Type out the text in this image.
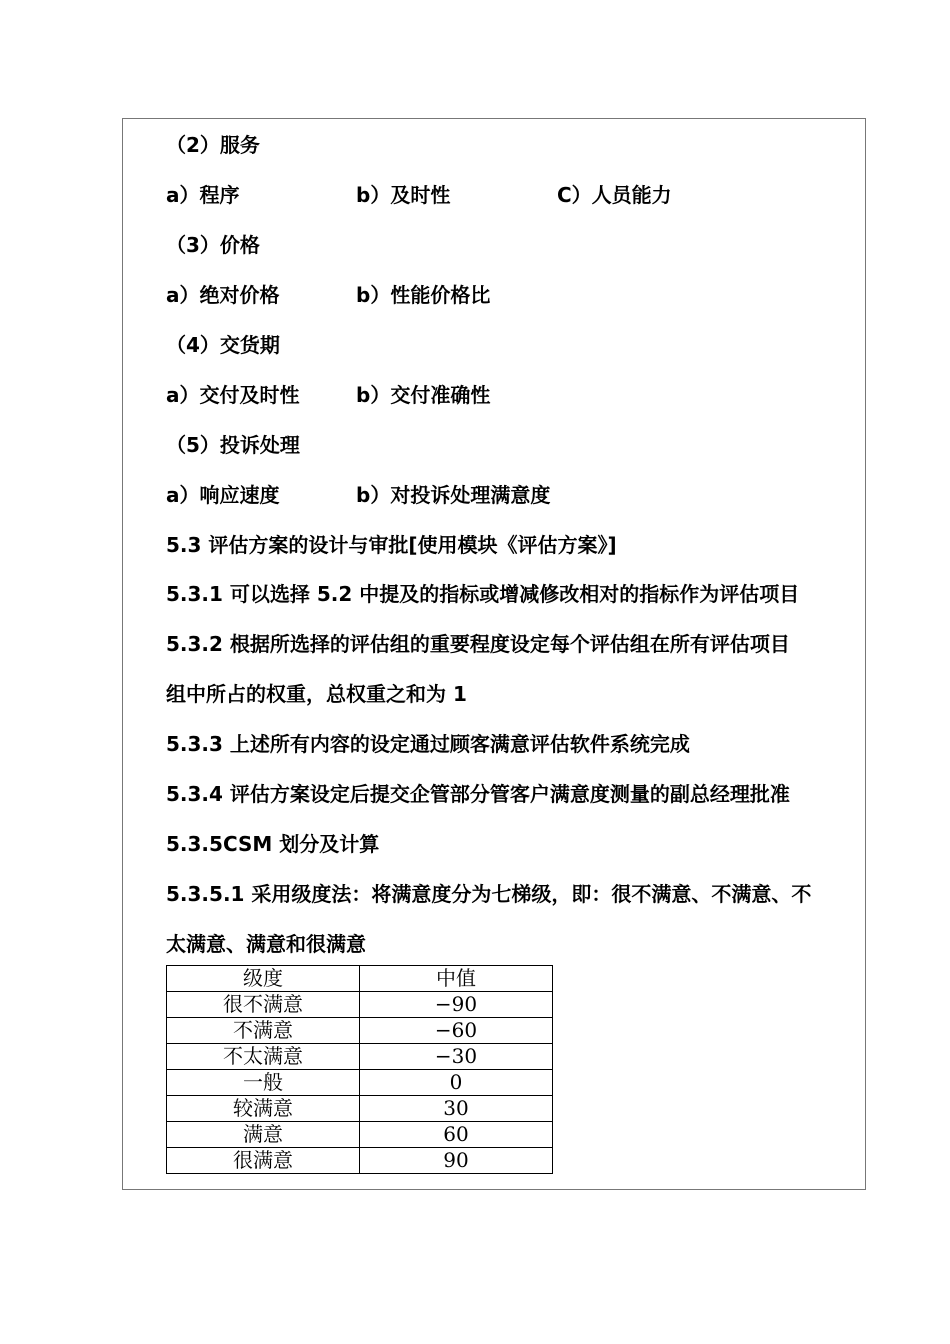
（2）服务
a）程序	b）及时性	C）人员能力
（3）价格
a）绝对价格	b）性能价格比
（4）交货期
a）交付及时性	b）交付准确性
（5）投诉处理
a）响应速度	b）对投诉处理满意度
5.3 评估方案的设计与审批[使用模块《评估方案》]
5.3.1 可以选择 5.2 中提及的指标或增减修改相对的指标作为评估项目
5.3.2 根据所选择的评估组的重要程度设定每个评估组在所有评估项目
组中所占的权重，总权重之和为 1
5.3.3 上述所有内容的设定通过顾客满意评估软件系统完成
5.3.4 评估方案设定后提交企管部分管客户满意度测量的副总经理批准
5.3.5CSM 划分及计算
5.3.5.1 采用级度法：将满意度分为七梯级，即：很不满意、不满意、不
太满意、满意和很满意
级度	中值
很不满意	−90
不满意	−60
不太满意	−30
一般	0
较满意	30
满意	60
很满意	90
